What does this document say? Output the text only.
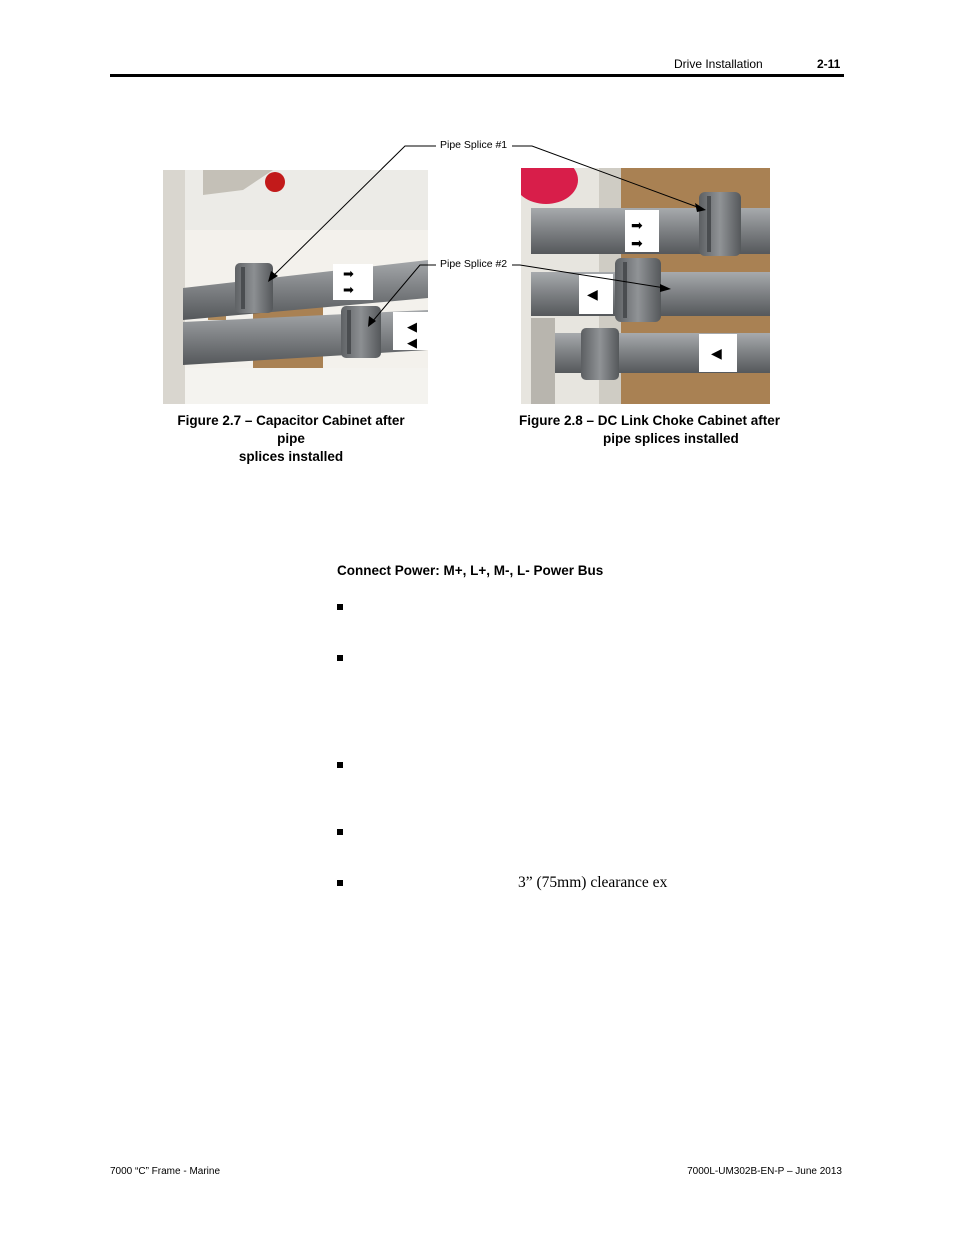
Drive Installation	2-11
➡
➡
◀
◀
➡
➡
◀
◀
Pipe Splice #1
Pipe Splice #2
Figure 2.7 – Capacitor Cabinet after pipe
splices installed
Figure 2.8 – DC Link Choke Cabinet after
pipe splices installed
Connect Power: M+, L+, M-, L- Power Bus
3” (75mm) clearance ex
7000 “C” Frame - Marine	7000L-UM302B-EN-P – June 2013
